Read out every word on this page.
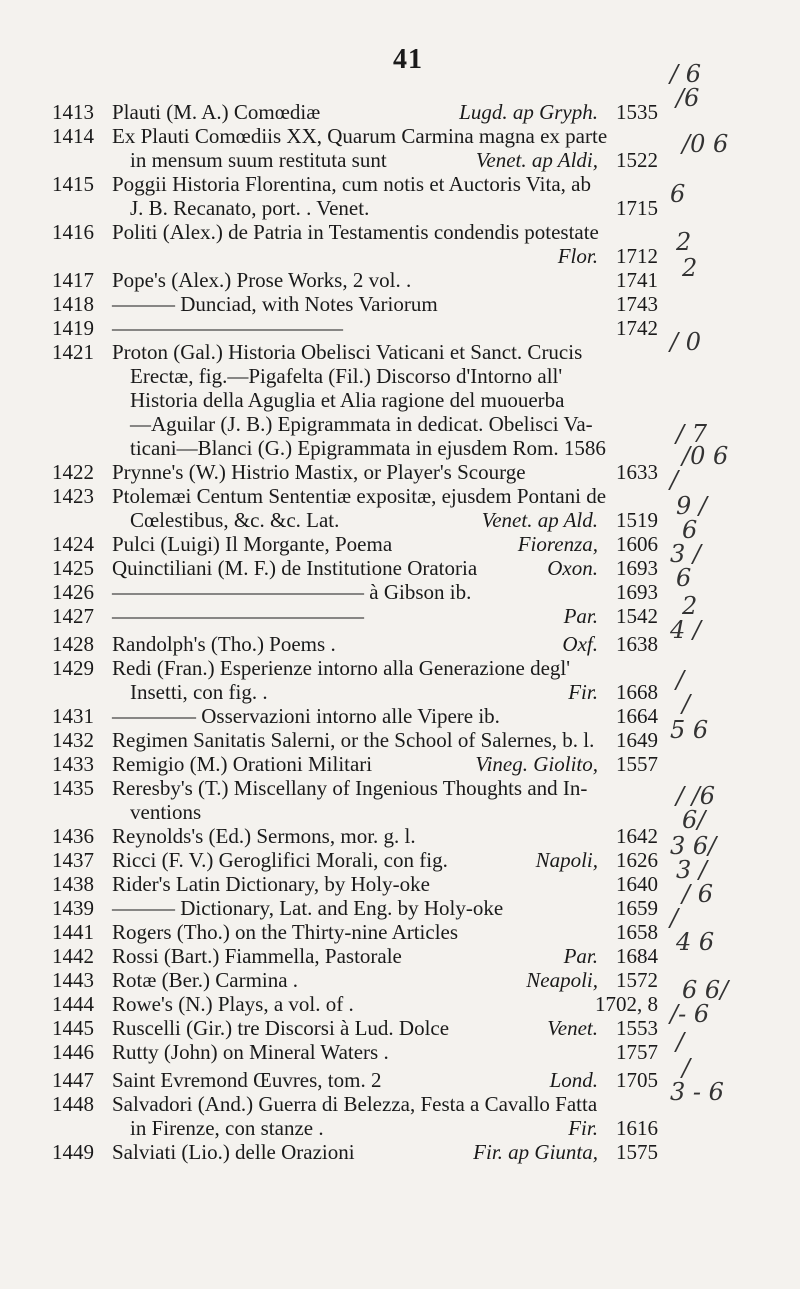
41
1413 Plauti (M. A.) Comœdiæ	Lugd. ap Gryph. 1535
1414 Ex Plauti Comœdiis XX, Quarum Carmina magna ex parte
in mensum suum restituta sunt	Venet. ap Aldi, 1522
1415 Poggii Historia Florentina, cum notis et Auctoris Vita, ab
J. B. Recanato, port. . Venet.	1715
1416 Politi (Alex.) de Patria in Testamentis condendis potestate
Flor. 1712
1417 Pope's (Alex.) Prose Works, 2 vol. .	1741
1418 ——— Dunciad, with Notes Variorum	1743
1419 ———————————	1742
1421 Proton (Gal.) Historia Obelisci Vaticani et Sanct. Crucis
Erectæ, fig.—Pigafelta (Fil.) Discorso d'Intorno all'
Historia della Aguglia et Alia ragione del muouerba
—Aguilar (J. B.) Epigrammata in dedicat. Obelisci Va-
ticani—Blanci (G.) Epigrammata in ejusdem Rom. 1586
1422 Prynne's (W.) Histrio Mastix, or Player's Scourge	1633
1423 Ptolemæi Centum Sententiæ expositæ, ejusdem Pontani de
Cœlestibus, &c. &c. Lat.	Venet. ap Ald. 1519
1424 Pulci (Luigi) Il Morgante, Poema	Fiorenza, 1606
1425 Quinctiliani (M. F.) de Institutione Oratoria	Oxon. 1693
1426 ———————————— à Gibson ib.	1693
1427 ————————————	Par. 1542
1428 Randolph's (Tho.) Poems .	Oxf. 1638
1429 Redi (Fran.) Esperienze intorno alla Generazione degl'
Insetti, con fig. .	Fir. 1668
1431 ———— Osservazioni intorno alle Vipere ib.	1664
1432 Regimen Sanitatis Salerni, or the School of Salernes, b. l.	1649
1433 Remigio (M.) Orationi Militari	Vineg. Giolito, 1557
1435 Reresby's (T.) Miscellany of Ingenious Thoughts and In-
ventions
1436 Reynolds's (Ed.) Sermons, mor. g. l.	1642
1437 Ricci (F. V.) Geroglifici Morali, con fig.	Napoli, 1626
1438 Rider's Latin Dictionary, by Holy-oke	1640
1439 ——— Dictionary, Lat. and Eng. by Holy-oke	1659
1441 Rogers (Tho.) on the Thirty-nine Articles	1658
1442 Rossi (Bart.) Fiammella, Pastorale	Par. 1684
1443 Rotæ (Ber.) Carmina .	Neapoli, 1572
1444 Rowe's (N.) Plays, a vol. of .	1702, 8
1445 Ruscelli (Gir.) tre Discorsi à Lud. Dolce	Venet. 1553
1446 Rutty (John) on Mineral Waters .	1757
1447 Saint Evremond Œuvres, tom. 2	Lond. 1705
1448 Salvadori (And.) Guerra di Belezza, Festa a Cavallo Fatta
in Firenze, con stanze .	Fir. 1616
1449 Salviati (Lio.) delle Orazioni	Fir. ap Giunta, 1575
/ 6
/6
/0 6
6
2
2
/ 0
/ 7
/0 6
/
9 /
6
3 /
6
2
4 /
/
/
5 6
/ /6
6/
3 6/
3 /
/ 6
/
4 6
6 6/
/- 6
/
/
3 - 6
